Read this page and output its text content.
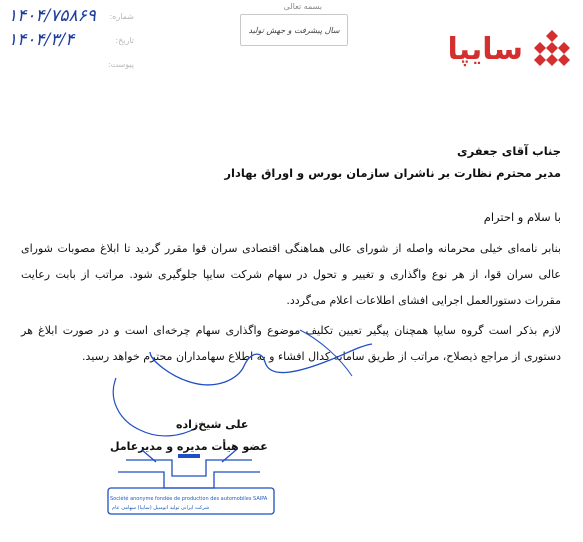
سایپا
بسمه تعالی
سال پیشرفت و جهش تولید
شماره:
۱۴۰۴/۷۵۸۶۹
تاریخ:
۱۴۰۴/۳/۴
پیوست:
جناب آقای جعفری
مدیر محترم نظارت بر ناشران سازمان بورس و اوراق بهادار
با سلام و احترام
بنابر نامه‌ای خیلی محرمانه واصله از شورای عالی هماهنگی اقتصادی سران قوا مقرر گردید تا ابلاغ مصوبات شورای عالی سران قوا، از هر نوع واگذاری و تغییر و تحول در سهام شرکت سایپا جلوگیری شود. مراتب از بابت رعایت مقررات دستورالعمل اجرایی افشای اطلاعات اعلام می‌گردد.
لازم بذکر است گروه سایپا همچنان پیگیر تعیین تکلیف موضوع واگذاری سهام چرخه‌ای است و در صورت ابلاغ هر دستوری از مراجع ذیصلاح، مراتب از طریق سامانه کدال افشاء و به اطلاع سهامداران محترم خواهد رسید.
علی شیخ‌زاده
عضو هیأت مدیره و مدیرعامل
Société anonyme fondée de production des automobiles SAIPA
شرکت ایرانی تولید اتومبیل (سایپا) سهامی عام
